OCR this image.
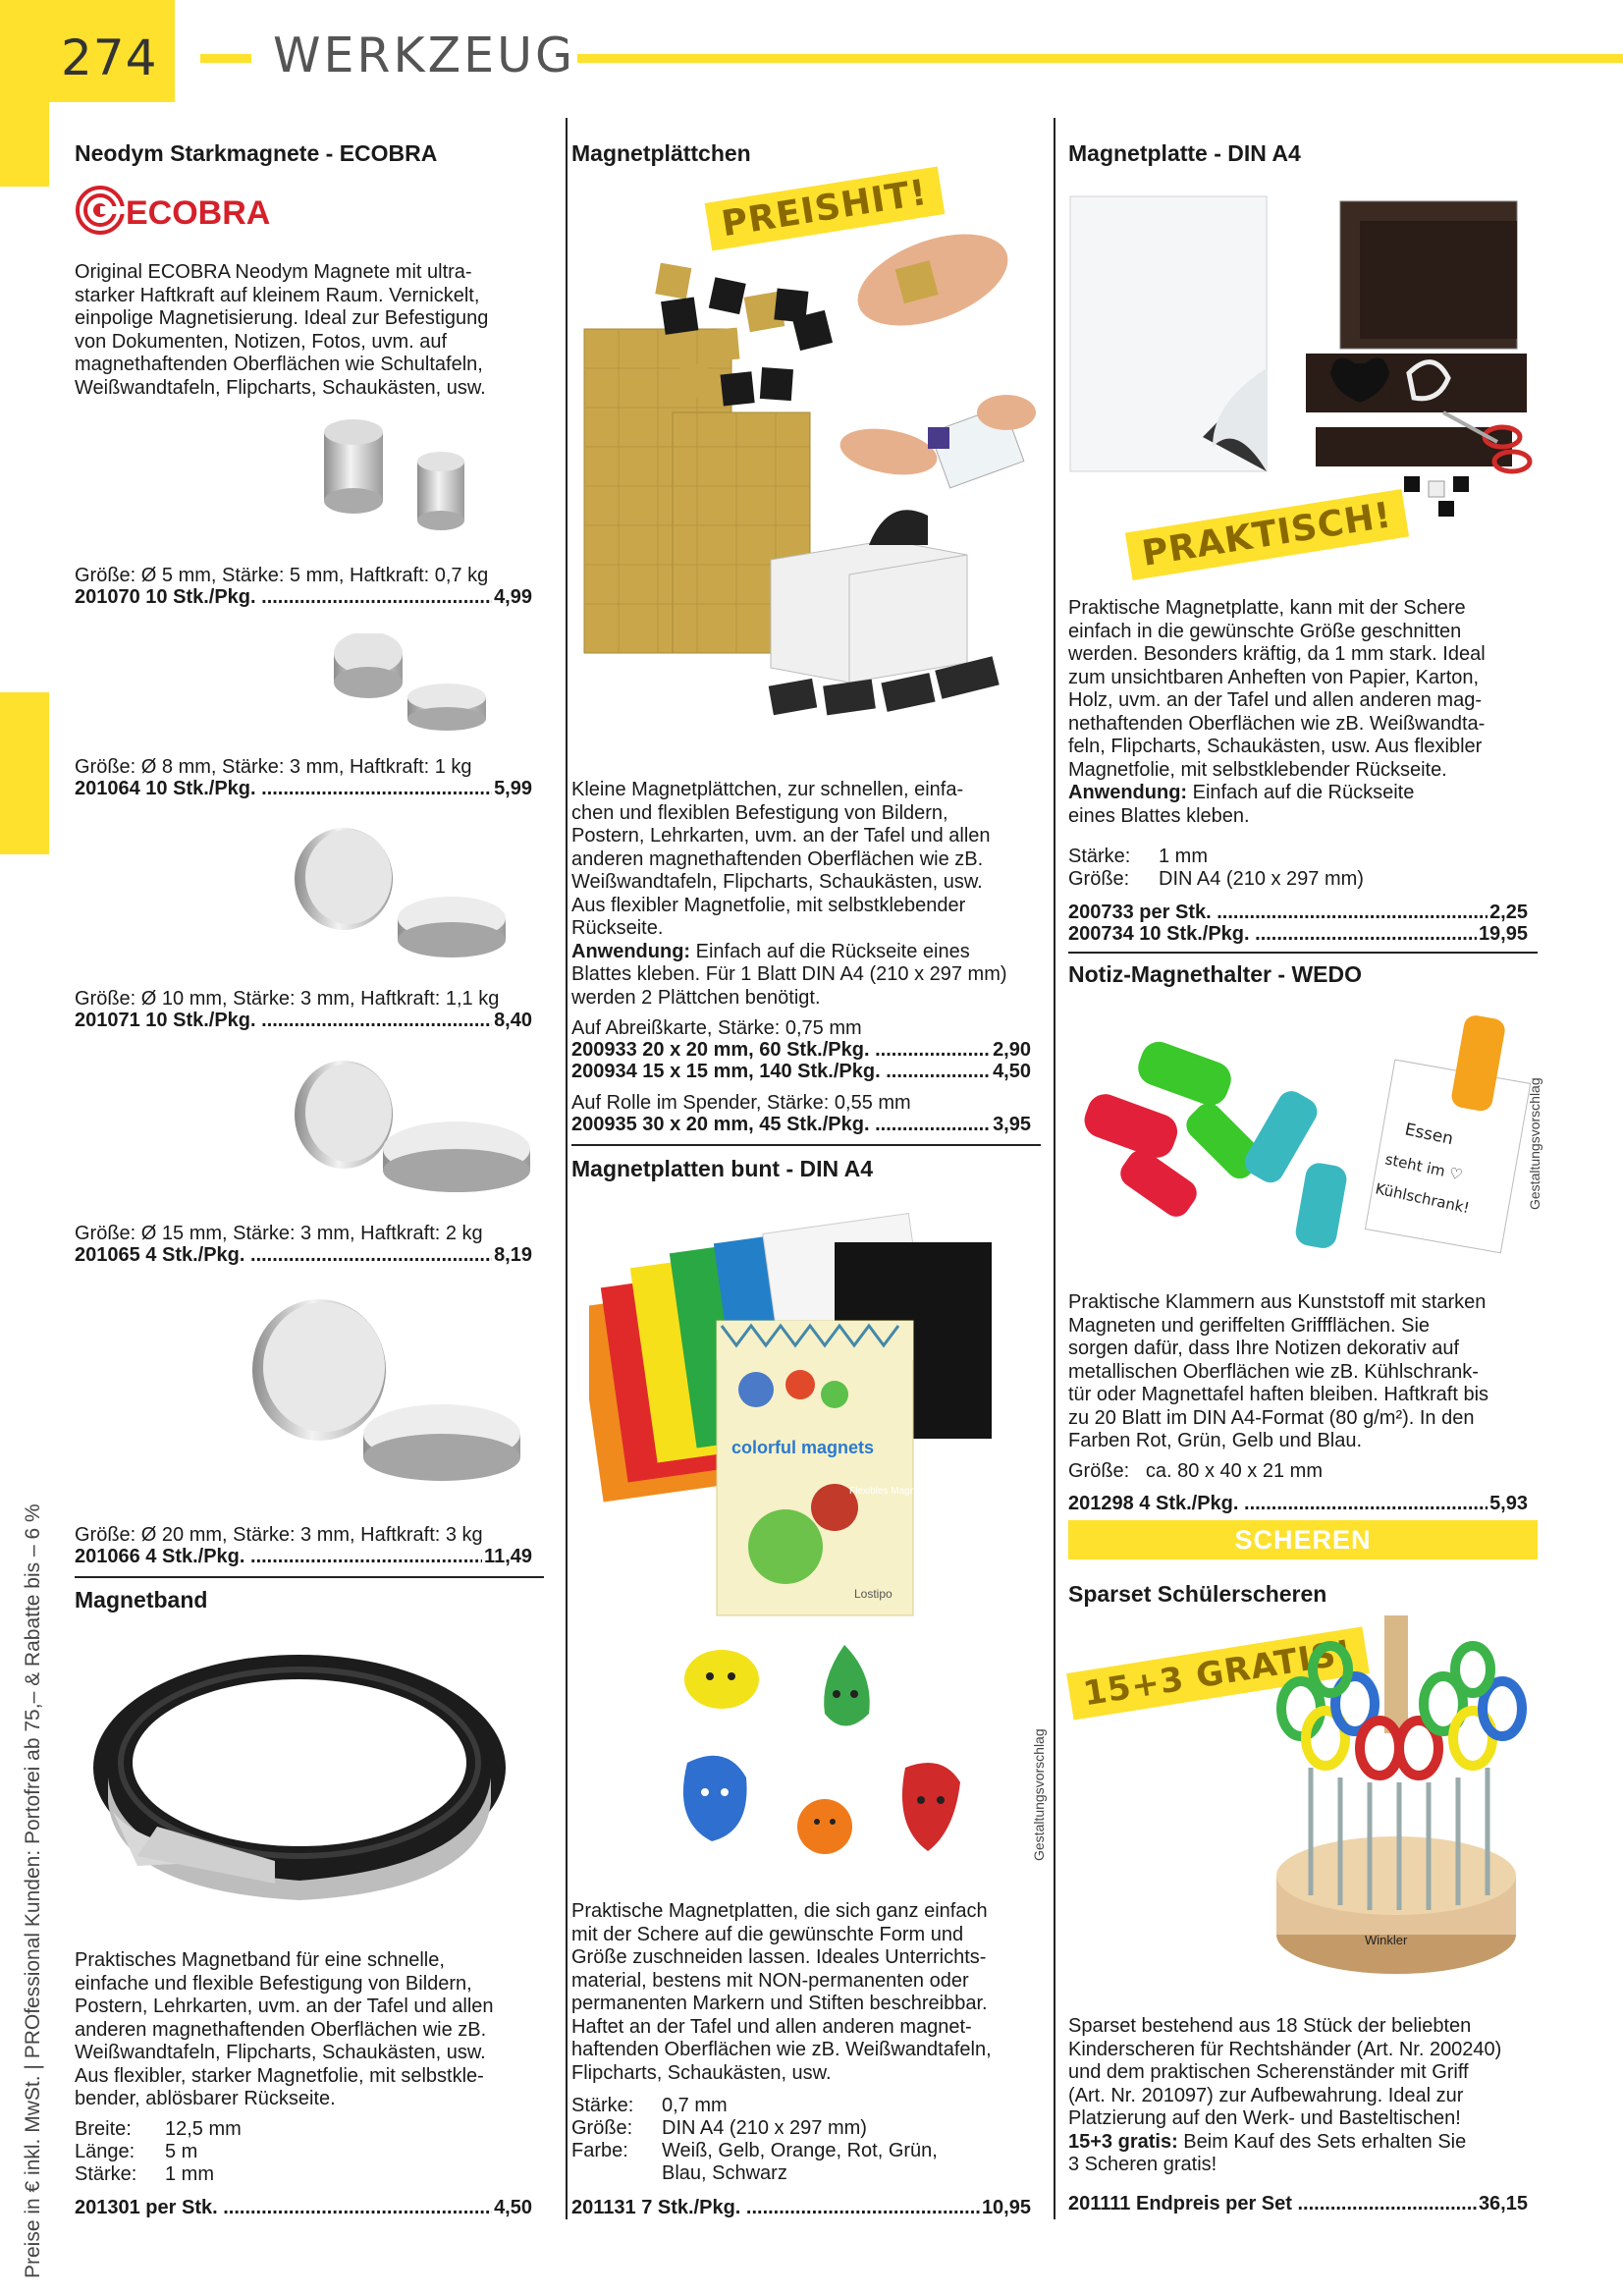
274 WERKZEUG
Preise in € inkl. MwSt. | PROfessional Kunden: Portofrei ab 75,– & Rabatte bis – 6 %
Neodym Starkmagnete - ECOBRA
ECOBRA
Original ECOBRA Neodym Magnete mit ultra-
starker Haftkraft auf kleinem Raum. Vernickelt,
einpolige Magnetisierung. Ideal zur Befestigung
von Dokumenten, Notizen, Fotos, uvm. auf
magnethaftenden Oberflächen wie Schultafeln,
Weißwandtafeln, Flipcharts, Schaukästen, usw.
Größe: Ø 5 mm, Stärke: 5 mm, Haftkraft: 0,7 kg
201070 10 Stk./Pkg. .....	4,99
Größe: Ø 8 mm, Stärke: 3 mm, Haftkraft: 1 kg
201064 10 Stk./Pkg. .....	5,99
Größe: Ø 10 mm, Stärke: 3 mm, Haftkraft: 1,1 kg
201071 10 Stk./Pkg. .....	8,40
Größe: Ø 15 mm, Stärke: 3 mm, Haftkraft: 2 kg
201065 4 Stk./Pkg. .....	8,19
Größe: Ø 20 mm, Stärke: 3 mm, Haftkraft: 3 kg
201066 4 Stk./Pkg. .....	11,49
Magnetband
Praktisches Magnetband für eine schnelle,
einfache und flexible Befestigung von Bildern,
Postern, Lehrkarten, uvm. an der Tafel und allen
anderen magnethaftenden Oberflächen wie zB.
Weißwandtafeln, Flipcharts, Schaukästen, usw.
Aus flexibler, starker Magnetfolie, mit selbstkle-
bender, ablösbarer Rückseite.
Breite:	12,5 mm
Länge:	5 m
Stärke:	1 mm
201301 per Stk. .....	4,50
Magnetplättchen
PREISHIT!
Kleine Magnetplättchen, zur schnellen, einfa-
chen und flexiblen Befestigung von Bildern,
Postern, Lehrkarten, uvm. an der Tafel und allen
anderen magnethaftenden Oberflächen wie zB.
Weißwandtafeln, Flipcharts, Schaukästen, usw.
Aus flexibler Magnetfolie, mit selbstklebender
Rückseite.
Anwendung: Einfach auf die Rückseite eines
Blattes kleben. Für 1 Blatt DIN A4 (210 x 297 mm)
werden 2 Plättchen benötigt.
Auf Abreißkarte, Stärke: 0,75 mm
200933 20 x 20 mm, 60 Stk./Pkg. .....	2,90
200934 15 x 15 mm, 140 Stk./Pkg. .....	4,50
Auf Rolle im Spender, Stärke: 0,55 mm
200935 30 x 20 mm, 45 Stk./Pkg. .....	3,95
Magnetplatten bunt - DIN A4
colorful magnets
Flexibles Magnetbuch
Lostipo
Gestaltungsvorschlag
Praktische Magnetplatten, die sich ganz einfach
mit der Schere auf die gewünschte Form und
Größe zuschneiden lassen. Ideales Unterrichts-
material, bestens mit NON-permanenten oder
permanenten Markern und Stiften beschreibbar.
Haftet an der Tafel und allen anderen magnet-
haftenden Oberflächen wie zB. Weißwandtafeln,
Flipcharts, Schaukästen, usw.
Stärke:	0,7 mm
Größe:	DIN A4 (210 x 297 mm)
Farbe:	Weiß, Gelb, Orange, Rot, Grün,
Blau, Schwarz
201131 7 Stk./Pkg. .....	10,95
Magnetplatte - DIN A4
PRAKTISCH!
Praktische Magnetplatte, kann mit der Schere
einfach in die gewünschte Größe geschnitten
werden. Besonders kräftig, da 1 mm stark. Ideal
zum unsichtbaren Anheften von Papier, Karton,
Holz, uvm. an der Tafel und allen anderen mag-
nethaftenden Oberflächen wie zB. Weißwandta-
feln, Flipcharts, Schaukästen, usw. Aus flexibler
Magnetfolie, mit selbstklebender Rückseite.
Anwendung: Einfach auf die Rückseite
eines Blattes kleben.
Stärke:	1 mm
Größe:	DIN A4 (210 x 297 mm)
200733 per Stk. .....	2,25
200734 10 Stk./Pkg. .....	19,95
Notiz-Magnethalter - WEDO
Essen
steht im ♡
Kühlschrank!	Gestaltungsvorschlag
Praktische Klammern aus Kunststoff mit starken
Magneten und geriffelten Griffflächen. Sie
sorgen dafür, dass Ihre Notizen dekorativ auf
metallischen Oberflächen wie zB. Kühlschrank-
tür oder Magnettafel haften bleiben. Haftkraft bis
zu 20 Blatt im DIN A4-Format (80 g/m²). In den
Farben Rot, Grün, Gelb und Blau.
Größe:   ca. 80 x 40 x 21 mm
201298 4 Stk./Pkg. .....	5,93
SCHEREN
Sparset Schülerscheren
15+3 GRATIS!
Winkler
Sparset bestehend aus 18 Stück der beliebten
Kinderscheren für Rechtshänder (Art. Nr. 200240)
und dem praktischen Scherenständer mit Griff
(Art. Nr. 201097) zur Aufbewahrung. Ideal zur
Platzierung auf den Werk- und Basteltischen!
15+3 gratis: Beim Kauf des Sets erhalten Sie
3 Scheren gratis!
201111 Endpreis per Set .....	36,15
